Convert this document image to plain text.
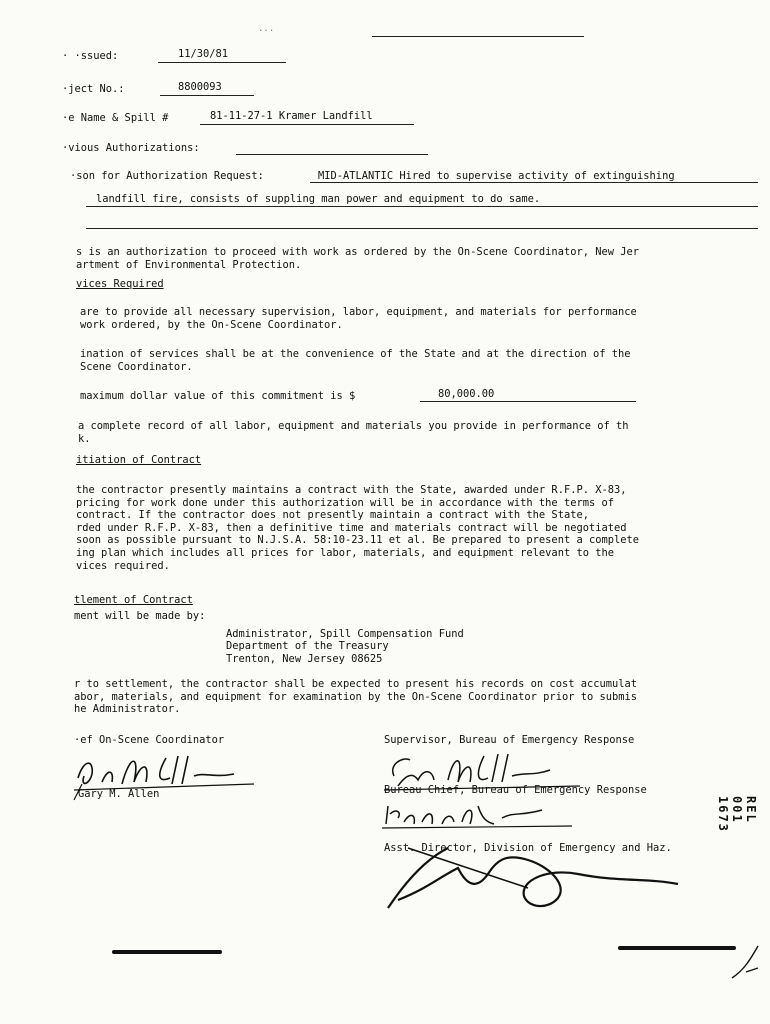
...
· ·ssued:	11/30/81
·ject No.:	8800093
·e Name & Spill #	81-11-27-1 Kramer Landfill
·vious Authorizations:
·son for Authorization Request:	MID-ATLANTIC Hired to supervise activity of extinguishing
landfill fire, consists of suppling man power and equipment to do same.
s is an authorization to proceed with work as ordered by the On-Scene Coordinator, New Jer
artment of Environmental Protection.
vices Required
are to provide all necessary supervision, labor, equipment, and materials for performance
work ordered, by the On-Scene Coordinator.
ination of services shall be at the convenience of the State and at the direction of the
Scene Coordinator.
maximum dollar value of this commitment is $	80,000.00
a complete record of all labor, equipment and materials you provide in performance of th
k.
itiation of Contract
the contractor presently maintains a contract with the State, awarded under R.F.P. X-83,
pricing for work done under this authorization will be in accordance with the terms of
contract. If the contractor does not presently maintain a contract with the State,
rded under R.F.P. X-83, then a definitive time and materials contract will be negotiated
soon as possible pursuant to N.J.S.A. 58:10-23.11 et al. Be prepared to present a complete
ing plan which includes all prices for labor, materials, and equipment relevant to the
vices required.
tlement of Contract
ment will be made by:
Administrator, Spill Compensation Fund
Department of the Treasury
Trenton, New Jersey 08625
r to settlement, the contractor shall be expected to present his records on cost accumulat
abor, materials, and equipment for examination by the On-Scene Coordinator prior to submis
he Administrator.
·ef On-Scene Coordinator
Gary M. Allen
Supervisor, Bureau of Emergency Response
Bureau Chief, Bureau of Emergency Response
Asst. Director, Division of Emergency and Haz.
REL 001 1673
